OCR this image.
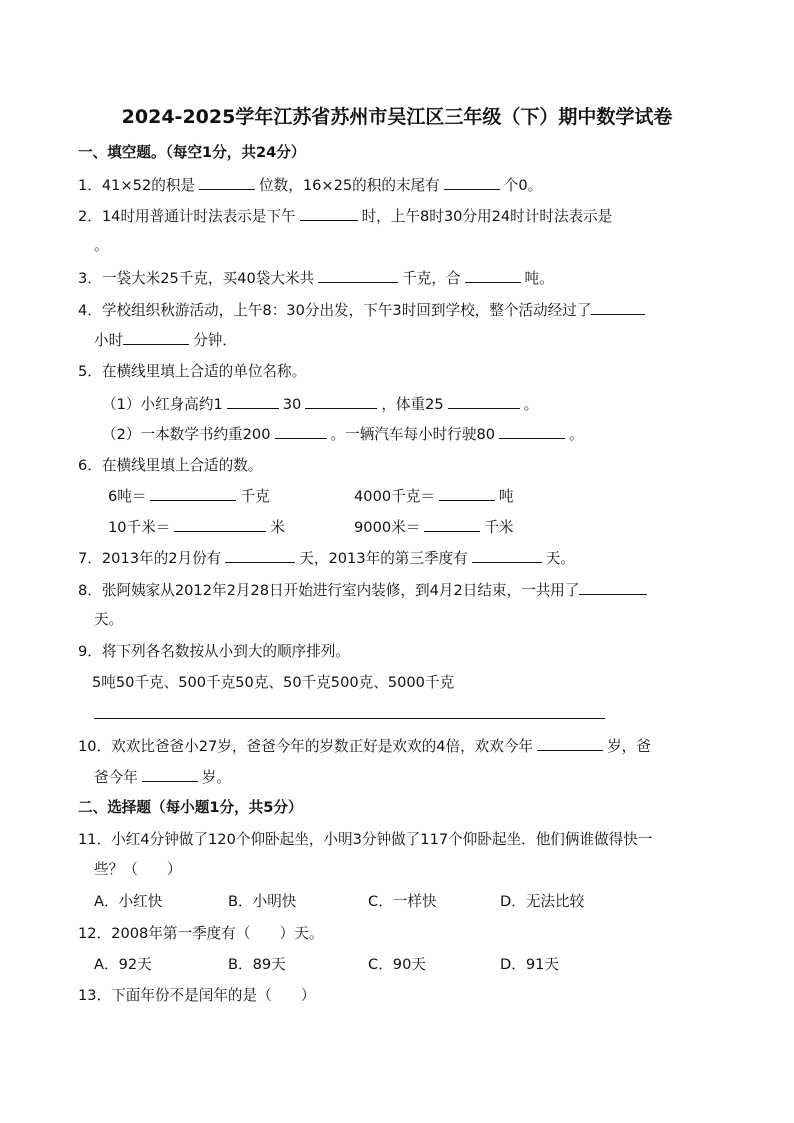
2024-2025学年江苏省苏州市吴江区三年级（下）期中数学试卷
一、填空题。（每空1分，共24分）
1．41×52的积是	位数，16×25的积的末尾有	个0。
2．14时用普通计时法表示是下午	时，上午8时30分用24时计时法表示是
。
3．一袋大米25千克，买40袋大米共	千克，合	吨。
4．学校组织秋游活动，上午8：30分出发，下午3时回到学校，整个活动经过了
小时	分钟．
5．在横线里填上合适的单位名称。
（1）小红身高约1	30	，体重25	。
（2）一本数学书约重200	。一辆汽车每小时行驶80	。
6．在横线里填上合适的数。
6吨＝	千克	4000千克＝	吨
10千米＝	米	9000米＝	千米
7．2013年的2月份有	天，2013年的第三季度有	天。
8．张阿姨家从2012年2月28日开始进行室内装修，到4月2日结束，一共用了
天。
9．将下列各名数按从小到大的顺序排列。
5吨50千克、500千克50克、50千克500克、5000千克
10．欢欢比爸爸小27岁，爸爸今年的岁数正好是欢欢的4倍，欢欢今年	岁，爸
爸今年	岁。
二、选择题（每小题1分，共5分）
11．小红4分钟做了120个仰卧起坐，小明3分钟做了117个仰卧起坐．他们俩谁做得快一
些？（　　）
A．小红快	B．小明快	C．一样快	D．无法比较
12．2008年第一季度有（　　）天。
A．92天	B．89天	C．90天	D．91天
13．下面年份不是闰年的是（　　）
